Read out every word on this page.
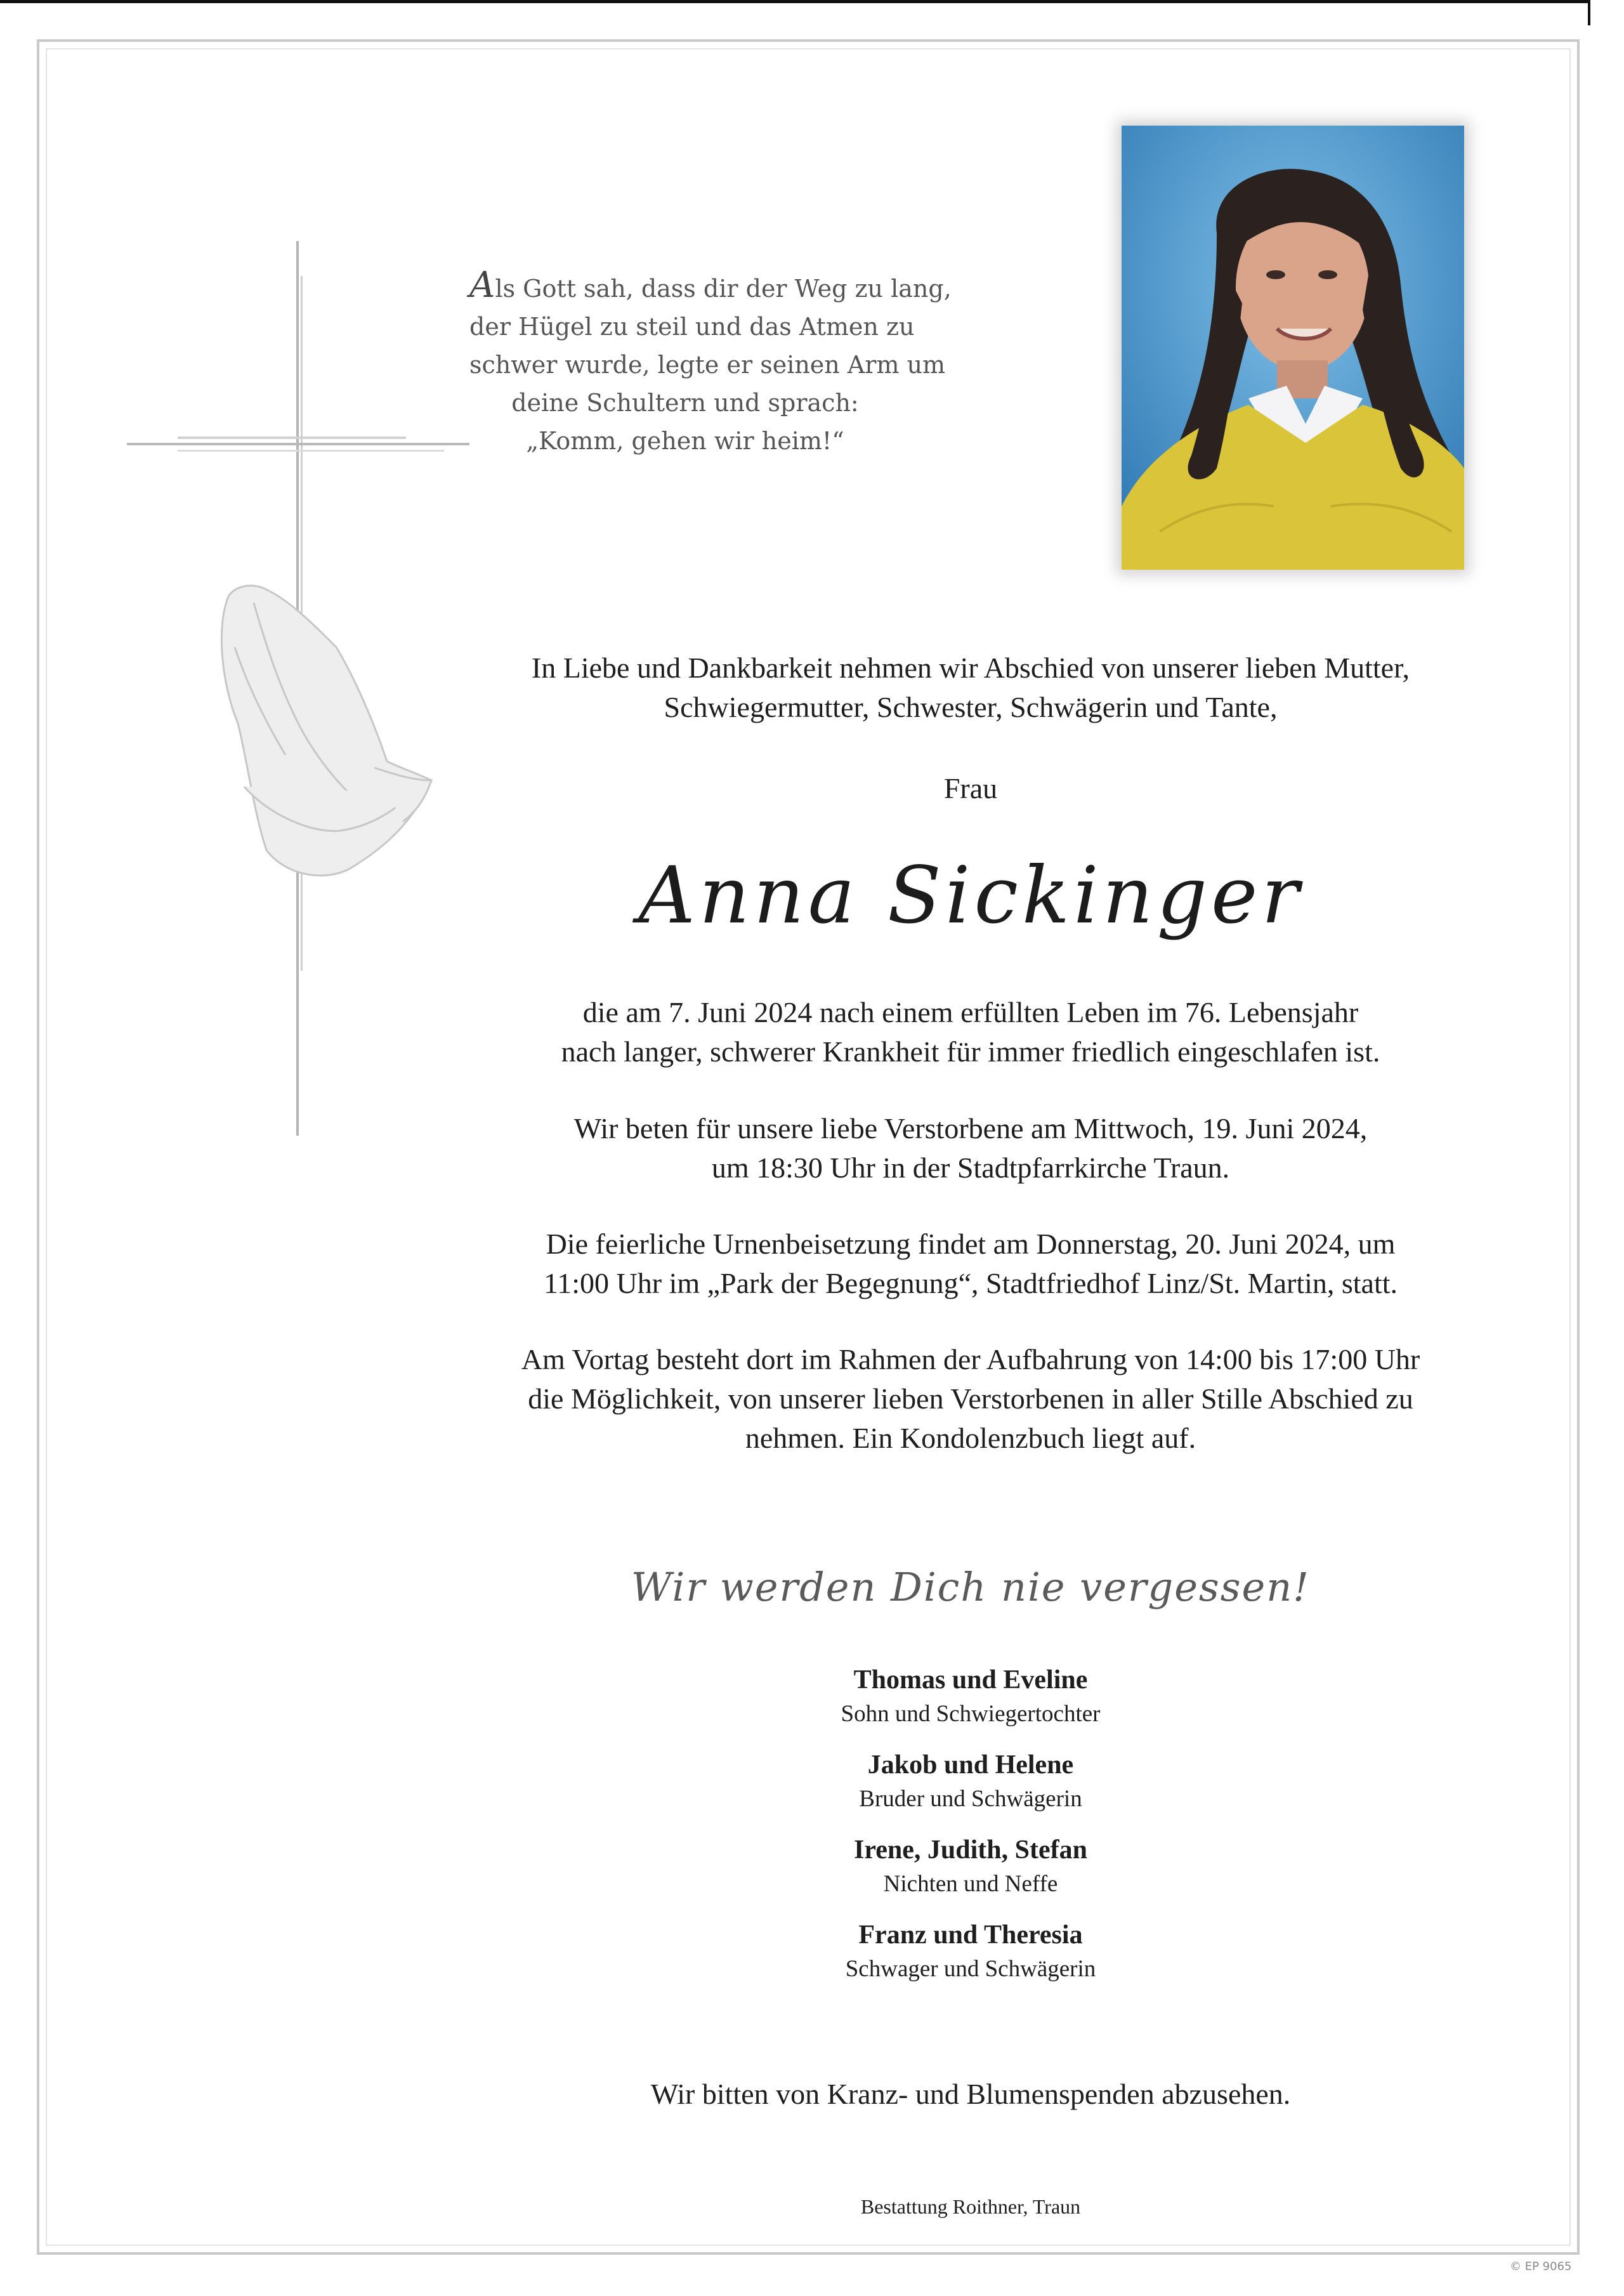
Als Gott sah, dass dir der Weg zu lang,
der Hügel zu steil und das Atmen zu
schwer wurde, legte er seinen Arm um
deine Schultern und sprach:
„Komm, gehen wir heim!“
In Liebe und Dankbarkeit nehmen wir Abschied von unserer lieben Mutter,
Schwiegermutter, Schwester, Schwägerin und Tante,
Frau
Anna Sickinger
die am 7. Juni 2024 nach einem erfüllten Leben im 76. Lebensjahr
nach langer, schwerer Krankheit für immer friedlich eingeschlafen ist.
Wir beten für unsere liebe Verstorbene am Mittwoch, 19. Juni 2024,
um 18:30 Uhr in der Stadtpfarrkirche Traun.
Die feierliche Urnenbeisetzung findet am Donnerstag, 20. Juni 2024, um
11:00 Uhr im „Park der Begegnung“, Stadtfriedhof Linz/St. Martin, statt.
Am Vortag besteht dort im Rahmen der Aufbahrung von 14:00 bis 17:00 Uhr
die Möglichkeit, von unserer lieben Verstorbenen in aller Stille Abschied zu
nehmen. Ein Kondolenzbuch liegt auf.
Wir werden Dich nie vergessen!
Thomas und Eveline
Sohn und Schwiegertochter
Jakob und Helene
Bruder und Schwägerin
Irene, Judith, Stefan
Nichten und Neffe
Franz und Theresia
Schwager und Schwägerin
Wir bitten von Kranz- und Blumenspenden abzusehen.
Bestattung Roithner, Traun
© EP 9065
